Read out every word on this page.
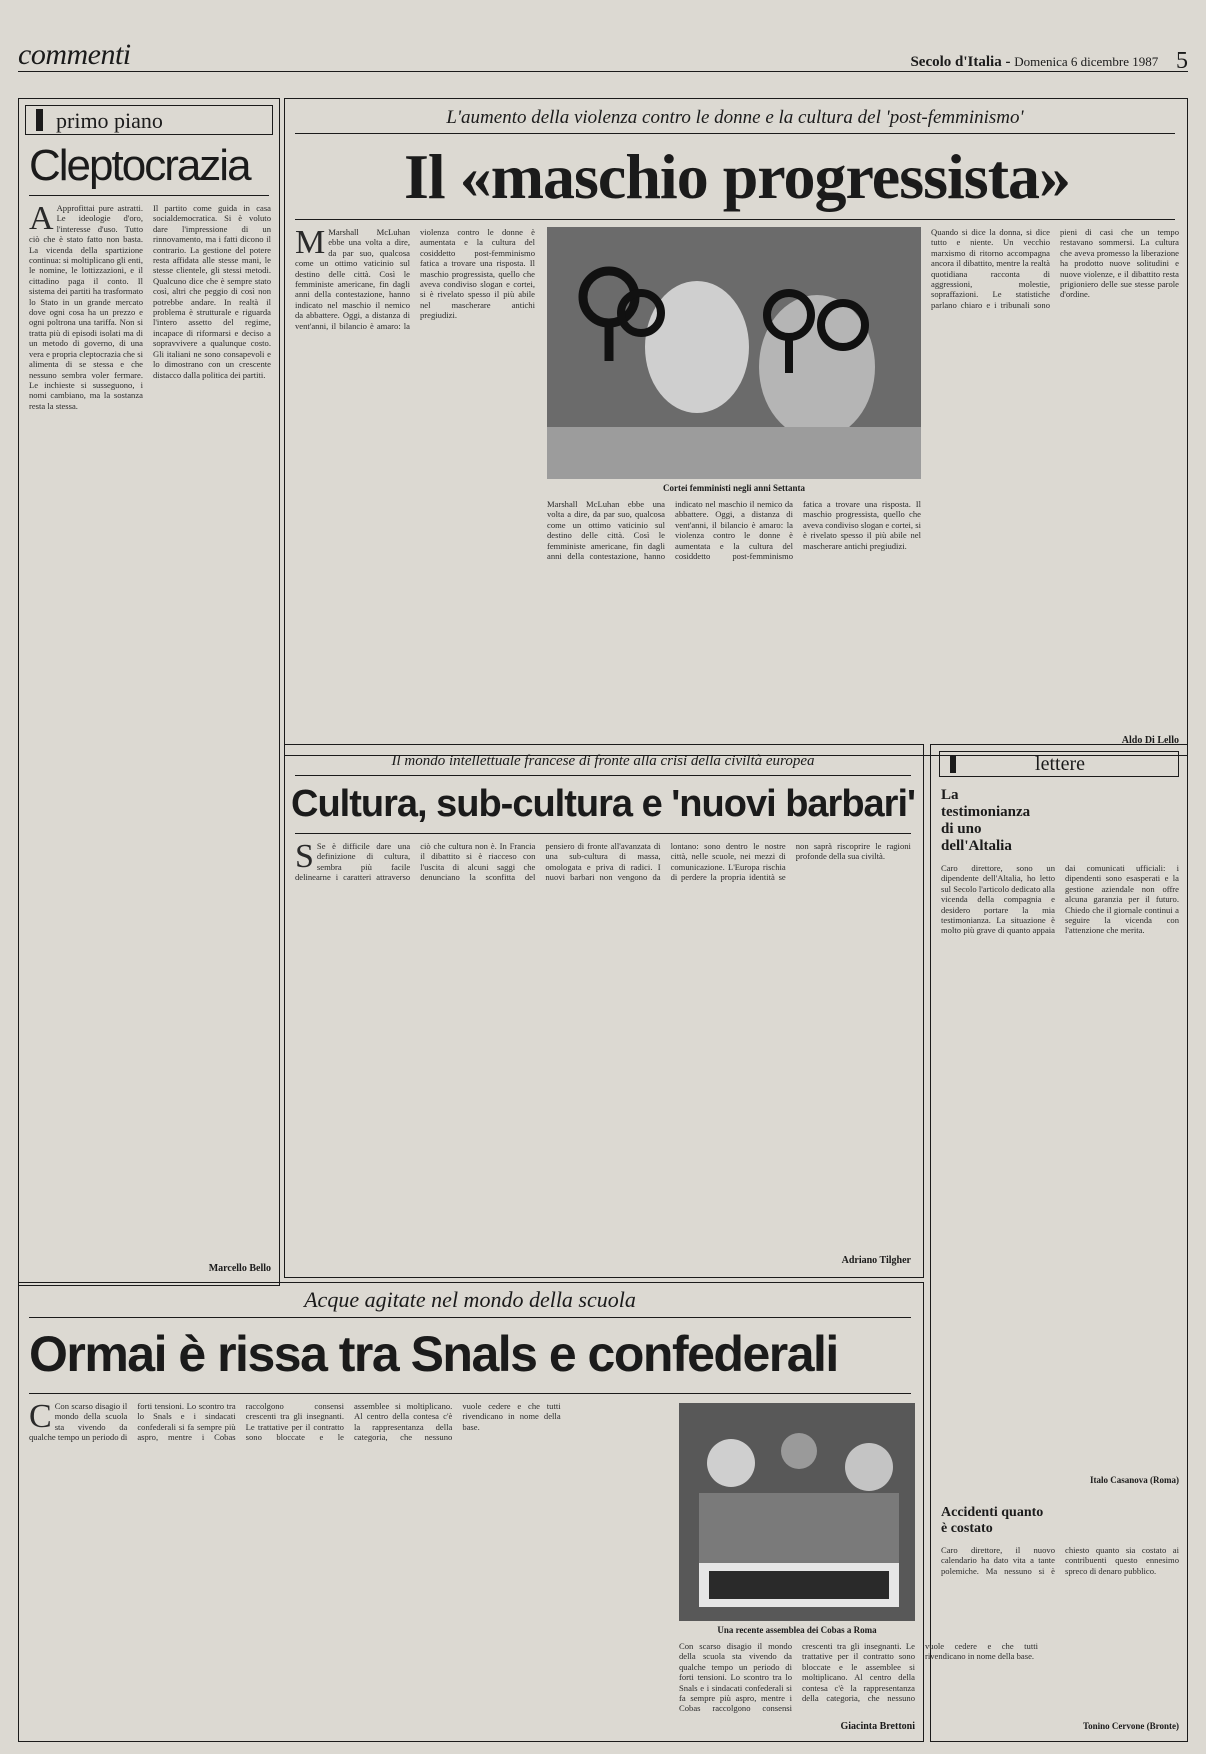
commenti	Secolo d'Italia - Domenica 6 dicembre 1987 5
primo piano
Cleptocrazia
A Approfittai pure astratti. Le ideologie d'oro, l'interesse d'uso. Tutto ciò che è stato fatto non basta. La vicenda della spartizione continua: si moltiplicano gli enti, le nomine, le lottizzazioni, e il cittadino paga il conto. Il sistema dei partiti ha trasformato lo Stato in un grande mercato dove ogni cosa ha un prezzo e ogni poltrona una tariffa. Non si tratta più di episodi isolati ma di un metodo di governo, di una vera e propria cleptocrazia che si alimenta di se stessa e che nessuno sembra voler fermare. Le inchieste si susseguono, i nomi cambiano, ma la sostanza resta la stessa.
Il partito come guida in casa socialdemocratica. Si è voluto dare l'impressione di un rinnovamento, ma i fatti dicono il contrario. La gestione del potere resta affidata alle stesse mani, le stesse clientele, gli stessi metodi. Qualcuno dice che è sempre stato così, altri che peggio di così non potrebbe andare. In realtà il problema è strutturale e riguarda l'intero assetto del regime, incapace di riformarsi e deciso a sopravvivere a qualunque costo. Gli italiani ne sono consapevoli e lo dimostrano con un crescente distacco dalla politica dei partiti.
Marcello Bello
L'aumento della violenza contro le donne e la cultura del 'post-femminismo'
Il «maschio progressista»
M Marshall McLuhan ebbe una volta a dire, da par suo, qualcosa come un ottimo vaticinio sul destino delle città. Così le femministe americane, fin dagli anni della contestazione, hanno indicato nel maschio il nemico da abbattere. Oggi, a distanza di vent'anni, il bilancio è amaro: la violenza contro le donne è aumentata e la cultura del cosiddetto post-femminismo fatica a trovare una risposta. Il maschio progressista, quello che aveva condiviso slogan e cortei, si è rivelato spesso il più abile nel mascherare antichi pregiudizi.
Cortei femministi negli anni Settanta
Marshall McLuhan ebbe una volta a dire, da par suo, qualcosa come un ottimo vaticinio sul destino delle città. Così le femministe americane, fin dagli anni della contestazione, hanno indicato nel maschio il nemico da abbattere. Oggi, a distanza di vent'anni, il bilancio è amaro: la violenza contro le donne è aumentata e la cultura del cosiddetto post-femminismo fatica a trovare una risposta. Il maschio progressista, quello che aveva condiviso slogan e cortei, si è rivelato spesso il più abile nel mascherare antichi pregiudizi.
Quando si dice la donna, si dice tutto e niente. Un vecchio marxismo di ritorno accompagna ancora il dibattito, mentre la realtà quotidiana racconta di aggressioni, molestie, sopraffazioni. Le statistiche parlano chiaro e i tribunali sono pieni di casi che un tempo restavano sommersi. La cultura che aveva promesso la liberazione ha prodotto nuove solitudini e nuove violenze, e il dibattito resta prigioniero delle sue stesse parole d'ordine.
Aldo Di Lello
Il mondo intellettuale francese di fronte alla crisi della civiltà europea
Cultura, sub-cultura e 'nuovi barbari'
S Se è difficile dare una definizione di cultura, sembra più facile delinearne i caratteri attraverso ciò che cultura non è. In Francia il dibattito si è riacceso con l'uscita di alcuni saggi che denunciano la sconfitta del pensiero di fronte all'avanzata di una sub-cultura di massa, omologata e priva di radici. I nuovi barbari non vengono da lontano: sono dentro le nostre città, nelle scuole, nei mezzi di comunicazione. L'Europa rischia di perdere la propria identità se non saprà riscoprire le ragioni profonde della sua civiltà.
Adriano Tilgher
lettere
La testimonianza di uno dell'Altalia
Caro direttore, sono un dipendente dell'Altalia, ho letto sul Secolo l'articolo dedicato alla vicenda della compagnia e desidero portare la mia testimonianza. La situazione è molto più grave di quanto appaia dai comunicati ufficiali: i dipendenti sono esasperati e la gestione aziendale non offre alcuna garanzia per il futuro. Chiedo che il giornale continui a seguire la vicenda con l'attenzione che merita.
Italo Casanova (Roma)
Accidenti quanto è costato
Caro direttore, il nuovo calendario ha dato vita a tante polemiche. Ma nessuno si è chiesto quanto sia costato ai contribuenti questo ennesimo spreco di denaro pubblico.
Tonino Cervone (Bronte)
Acque agitate nel mondo della scuola
Ormai è rissa tra Snals e confederali
C Con scarso disagio il mondo della scuola sta vivendo da qualche tempo un periodo di forti tensioni. Lo scontro tra lo Snals e i sindacati confederali si fa sempre più aspro, mentre i Cobas raccolgono consensi crescenti tra gli insegnanti. Le trattative per il contratto sono bloccate e le assemblee si moltiplicano. Al centro della contesa c'è la rappresentanza della categoria, che nessuno vuole cedere e che tutti rivendicano in nome della base.
Una recente assemblea dei Cobas a Roma
Con scarso disagio il mondo della scuola sta vivendo da qualche tempo un periodo di forti tensioni. Lo scontro tra lo Snals e i sindacati confederali si fa sempre più aspro, mentre i Cobas raccolgono consensi crescenti tra gli insegnanti. Le trattative per il contratto sono bloccate e le assemblee si moltiplicano. Al centro della contesa c'è la rappresentanza della categoria, che nessuno vuole cedere e che tutti rivendicano in nome della base.
Giacinta Brettoni
